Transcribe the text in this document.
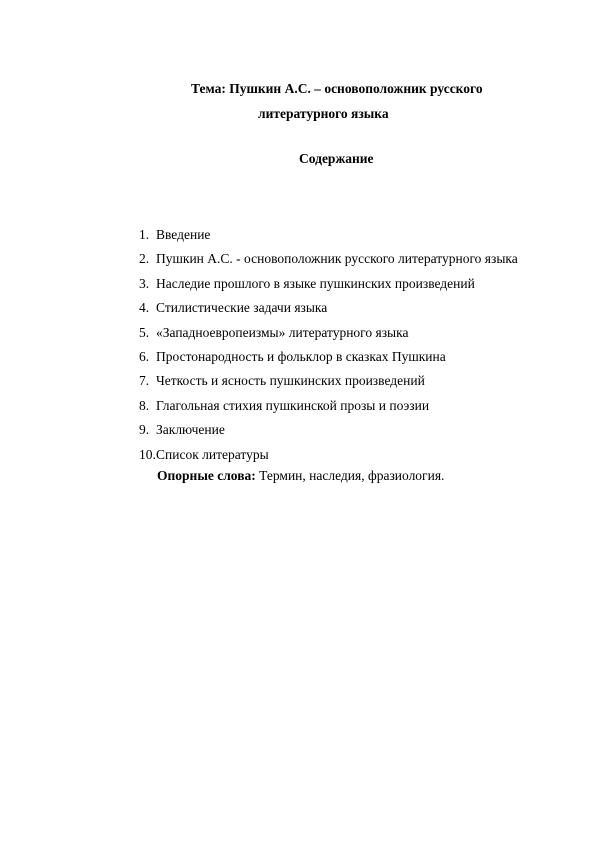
Тема: Пушкин А.С. – основоположник русского
литературного языка
Содержание
1. Введение
2. Пушкин А.С. - основоположник русского литературного языка
3. Наследие прошлого в языке пушкинских произведений
4. Стилистические задачи языка
5. «Западноевропеизмы» литературного языка
6. Простонародность и фольклор в сказках Пушкина
7. Четкость и ясность пушкинских произведений
8. Глагольная стихия пушкинской прозы и поэзии
9. Заключение
10.Список литературы
Опорные слова: Термин, наследия, фразиология.
